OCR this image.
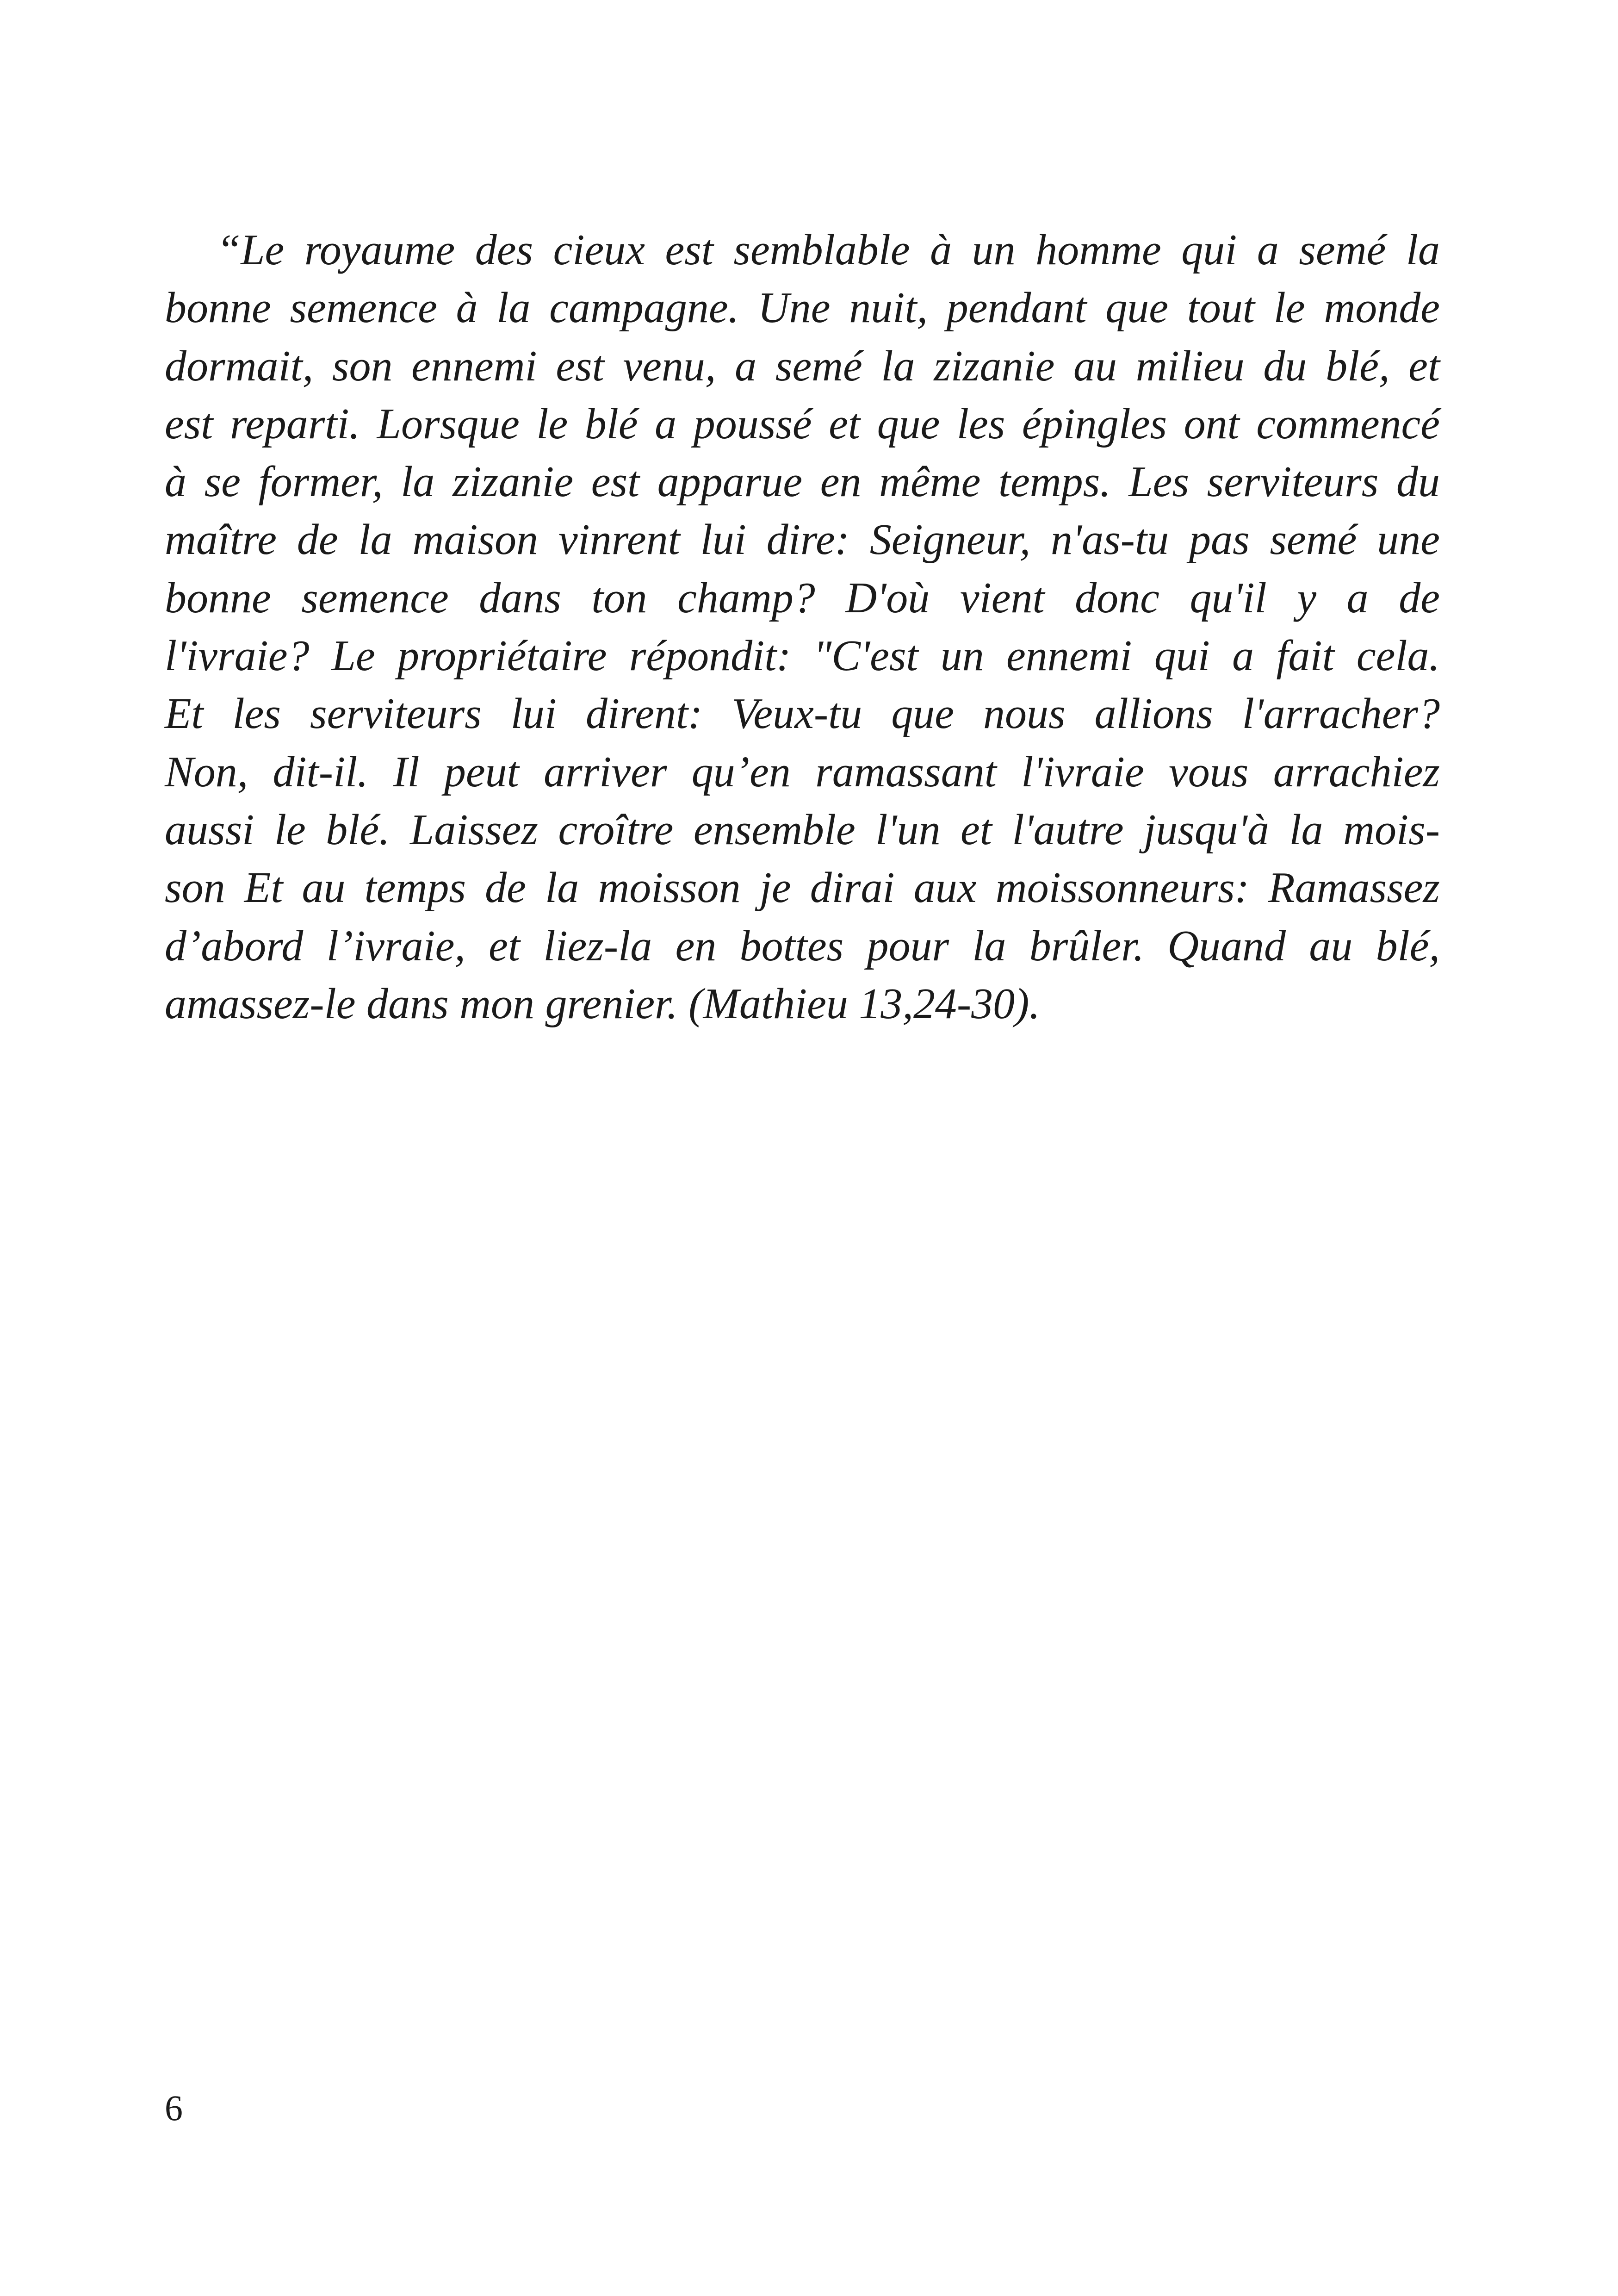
“Le royaume des cieux est semblable à un homme qui a semé la
bonne semence à la campagne. Une nuit, pendant que tout le monde
dormait, son ennemi est venu, a semé la zizanie au milieu du blé, et
est reparti. Lorsque le blé a poussé et que les épingles ont commencé
à se former, la zizanie est apparue en même temps. Les serviteurs du
maître de la maison vinrent lui dire: Seigneur, n'as-tu pas semé une
bonne semence dans ton champ? D'où vient donc qu'il y a de
l'ivraie? Le propriétaire répondit: "C'est un ennemi qui a fait cela.
Et les serviteurs lui dirent: Veux-tu que nous allions l'arracher?
Non, dit-il. Il peut arriver qu’en ramassant l'ivraie vous arrachiez
aussi le blé. Laissez croître ensemble l'un et l'autre jusqu'à la mois-
son Et au temps de la moisson je dirai aux moissonneurs: Ramassez
d’abord l’ivraie, et liez-la en bottes pour la brûler. Quand au blé,
amassez-le dans mon grenier. (Mathieu 13,24-30).
6
